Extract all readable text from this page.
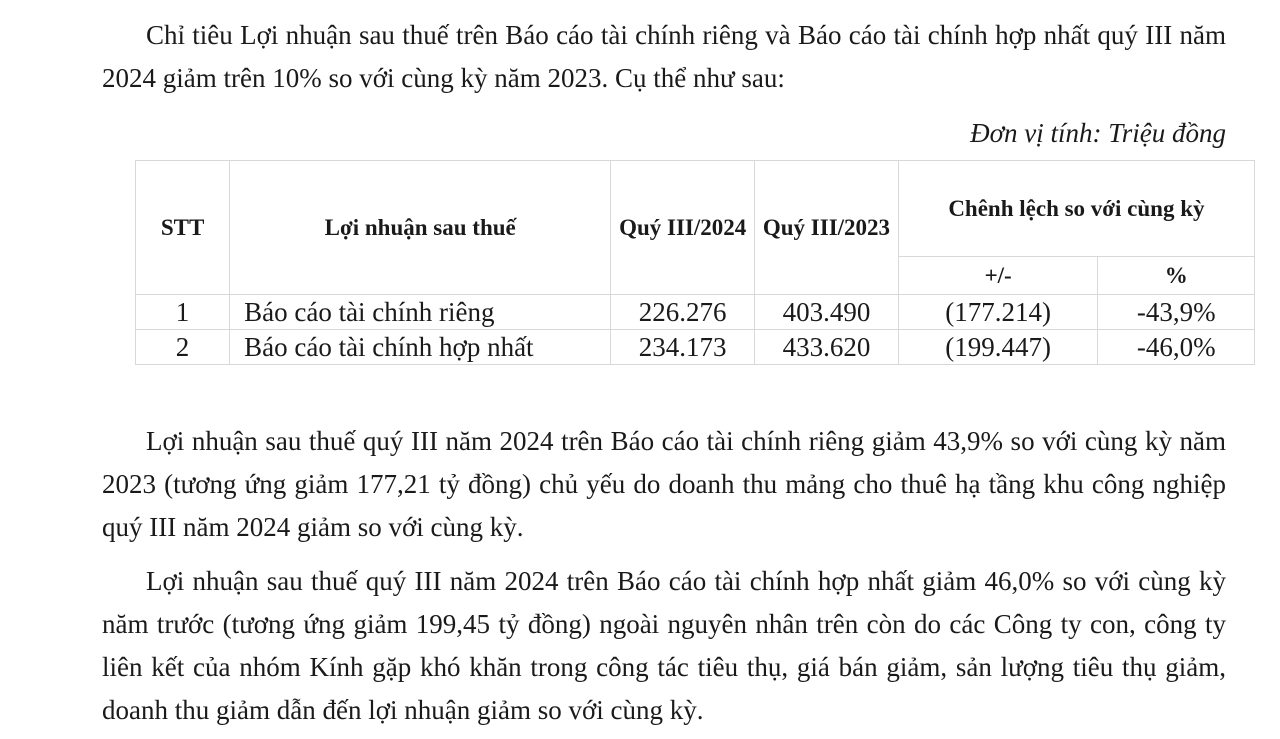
Chỉ tiêu Lợi nhuận sau thuế trên Báo cáo tài chính riêng và Báo cáo tài chính hợp nhất quý III năm 2024 giảm trên 10% so với cùng kỳ năm 2023. Cụ thể như sau:

Đơn vị tính: Triệu đồng

STT	Lợi nhuận sau thuế	Quý III/2024	Quý III/2023	Chênh lệch so với cùng kỳ	
				+/-	%
1	Báo cáo tài chính riêng	226.276	403.490	(177.214)	-43,9%
2	Báo cáo tài chính hợp nhất	234.173	433.620	(199.447)	-46,0%

Lợi nhuận sau thuế quý III năm 2024 trên Báo cáo tài chính riêng giảm 43,9% so với cùng kỳ năm 2023 (tương ứng giảm 177,21 tỷ đồng) chủ yếu do doanh thu mảng cho thuê hạ tầng khu công nghiệp quý III năm 2024 giảm so với cùng kỳ.

Lợi nhuận sau thuế quý III năm 2024 trên Báo cáo tài chính hợp nhất giảm 46,0% so với cùng kỳ năm trước (tương ứng giảm 199,45 tỷ đồng) ngoài nguyên nhân trên còn do các Công ty con, công ty liên kết của nhóm Kính gặp khó khăn trong công tác tiêu thụ, giá bán giảm, sản lượng tiêu thụ giảm, doanh thu giảm dẫn đến lợi nhuận giảm so với cùng kỳ.
